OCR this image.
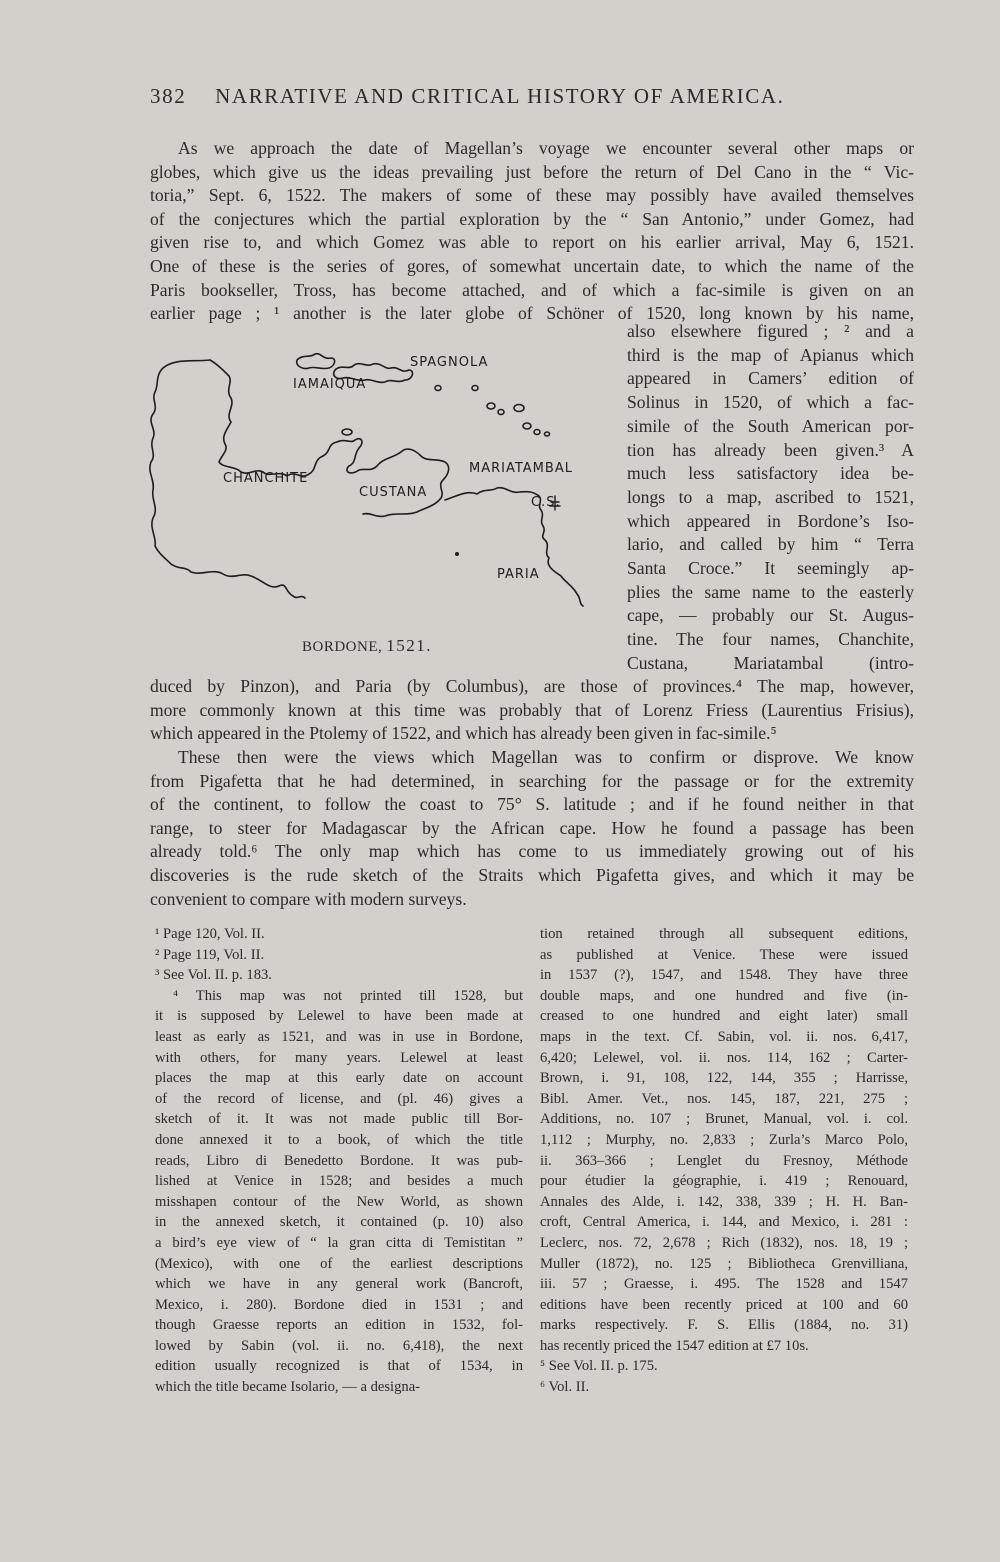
382 NARRATIVE AND CRITICAL HISTORY OF AMERICA.
As we approach the date of Magellan’s voyage we encounter several other maps or
globes, which give us the ideas prevailing just before the return of Del Cano in the “ Vic-
toria,” Sept. 6, 1522. The makers of some of these may possibly have availed themselves
of the conjectures which the partial exploration by the “ San Antonio,” under Gomez, had
given rise to, and which Gomez was able to report on his earlier arrival, May 6, 1521.
One of these is the series of gores, of somewhat uncertain date, to which the name of the
Paris bookseller, Tross, has become attached, and of which a fac-simile is given on an
earlier page ; ¹ another is the later globe of Schöner of 1520, long known by his name,
also elsewhere figured ; ² and a
third is the map of Apianus which
appeared in Camers’ edition of
Solinus in 1520, of which a fac-
simile of the South American por-
tion has already been given.³ A
much less satisfactory idea be-
longs to a map, ascribed to 1521,
which appeared in Bordone’s Iso-
lario, and called by him “ Terra
Santa Croce.” It seemingly ap-
plies the same name to the easterly
cape, — probably our St. Augus-
tine. The four names, Chanchite,
Custana, Mariatambal (intro-
SPAGNOLA
IAMAIQUA
CHANCHITE
CUSTANA
MARIATAMBAL
C.S.
PARIA
BORDONE, 1521.
duced by Pinzon), and Paria (by Columbus), are those of provinces.⁴ The map, however,
more commonly known at this time was probably that of Lorenz Friess (Laurentius Frisius),
which appeared in the Ptolemy of 1522, and which has already been given in fac-simile.⁵
These then were the views which Magellan was to confirm or disprove. We know
from Pigafetta that he had determined, in searching for the passage or for the extremity
of the continent, to follow the coast to 75° S. latitude ; and if he found neither in that
range, to steer for Madagascar by the African cape. How he found a passage has been
already told.⁶ The only map which has come to us immediately growing out of his
discoveries is the rude sketch of the Straits which Pigafetta gives, and which it may be
convenient to compare with modern surveys.
¹ Page 120, Vol. II.
² Page 119, Vol. II.
³ See Vol. II. p. 183.
⁴ This map was not printed till 1528, but
it is supposed by Lelewel to have been made at
least as early as 1521, and was in use in Bordone,
with others, for many years. Lelewel at least
places the map at this early date on account
of the record of license, and (pl. 46) gives a
sketch of it. It was not made public till Bor-
done annexed it to a book, of which the title
reads, Libro di Benedetto Bordone. It was pub-
lished at Venice in 1528; and besides a much
misshapen contour of the New World, as shown
in the annexed sketch, it contained (p. 10) also
a bird’s eye view of “ la gran citta di Temistitan ”
(Mexico), with one of the earliest descriptions
which we have in any general work (Bancroft,
Mexico, i. 280). Bordone died in 1531 ; and
though Graesse reports an edition in 1532, fol-
lowed by Sabin (vol. ii. no. 6,418), the next
edition usually recognized is that of 1534, in
which the title became Isolario, — a designa-
tion retained through all subsequent editions,
as published at Venice. These were issued
in 1537 (?), 1547, and 1548. They have three
double maps, and one hundred and five (in-
creased to one hundred and eight later) small
maps in the text. Cf. Sabin, vol. ii. nos. 6,417,
6,420; Lelewel, vol. ii. nos. 114, 162 ; Carter-
Brown, i. 91, 108, 122, 144, 355 ; Harrisse,
Bibl. Amer. Vet., nos. 145, 187, 221, 275 ;
Additions, no. 107 ; Brunet, Manual, vol. i. col.
1,112 ; Murphy, no. 2,833 ; Zurla’s Marco Polo,
ii. 363–366 ; Lenglet du Fresnoy, Méthode
pour étudier la géographie, i. 419 ; Renouard,
Annales des Alde, i. 142, 338, 339 ; H. H. Ban-
croft, Central America, i. 144, and Mexico, i. 281 :
Leclerc, nos. 72, 2,678 ; Rich (1832), nos. 18, 19 ;
Muller (1872), no. 125 ; Bibliotheca Grenvilliana,
iii. 57 ; Graesse, i. 495. The 1528 and 1547
editions have been recently priced at 100 and 60
marks respectively. F. S. Ellis (1884, no. 31)
has recently priced the 1547 edition at £7 10s.
⁵ See Vol. II. p. 175.
⁶ Vol. II.
